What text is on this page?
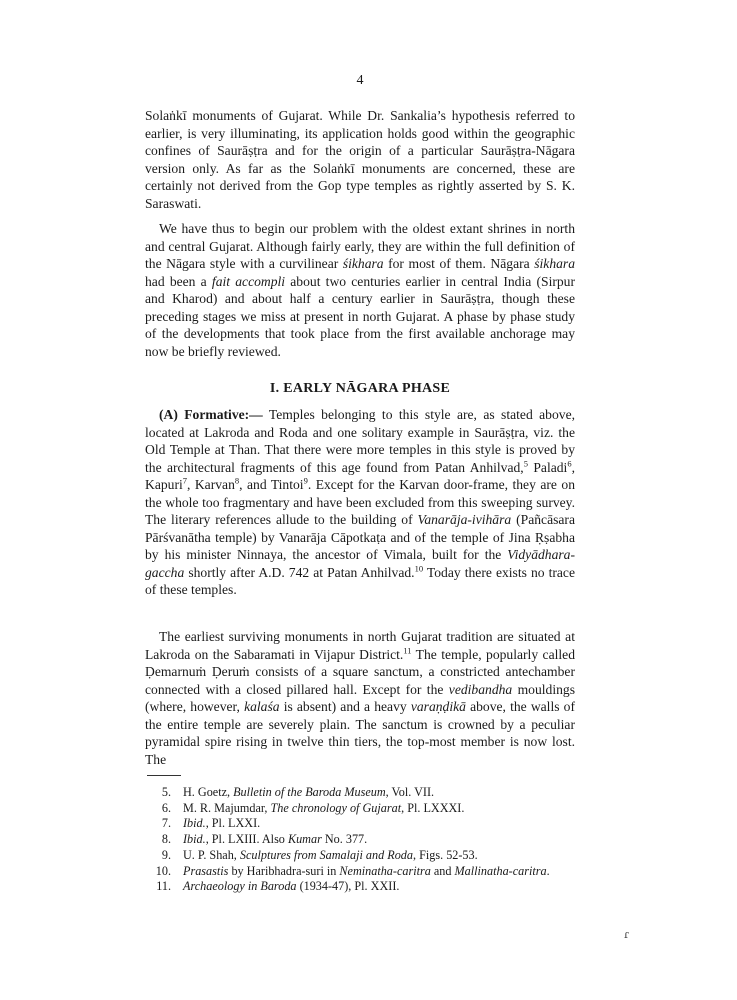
4

Solaṅkī monuments of Gujarat. While Dr. Sankalia’s hypothesis referred to earlier, is very illuminating, its application holds good within the geographic confines of Saurāṣṭra and for the origin of a particular Saurāṣṭra-Nāgara version only. As far as the Solaṅkī monuments are concerned, these are certainly not derived from the Gop type temples as rightly asserted by S. K. Saraswati.

We have thus to begin our problem with the oldest extant shrines in north and central Gujarat. Although fairly early, they are within the full definition of the Nāgara style with a curvilinear śikhara for most of them. Nāgara śikhara had been a fait accompli about two centuries earlier in central India (Sirpur and Kharod) and about half a century earlier in Saurāṣṭra, though these preceding stages we miss at present in north Gujarat. A phase by phase study of the developments that took place from the first available anchorage may now be briefly reviewed.

I. EARLY NĀGARA PHASE

(A) Formative:— Temples belonging to this style are, as stated above, located at Lakroda and Roda and one solitary example in Saurāṣṭra, viz. the Old Temple at Than. That there were more temples in this style is proved by the architectural fragments of this age found from Patan Anhilvad,$^5$ Paladi$^6$, Kapuri$^7$, Karvan$^8$, and Tintoi$^9$. Except for the Karvan door-frame, they are on the whole too fragmentary and have been excluded from this sweeping survey. The literary references allude to the building of Vanarāja-ivihāra (Pañcāsara Pārśvanātha temple) by Vanarāja Cāpotkaṭa and of the temple of Jina Ṛṣabha by his minister Ninnaya, the ancestor of Vimala, built for the Vidyādhara-gaccha shortly after A.D. 742 at Patan Anhilvad.$^{10}$ Today there exists no trace of these temples.

The earliest surviving monuments in north Gujarat tradition are situated at Lakroda on the Sabaramati in Vijapur District.$^{11}$ The temple, popularly called Ḍemarnuṁ Ḍeruṁ consists of a square sanctum, a constricted antechamber connected with a closed pillared hall. Except for the vedibandha mouldings (where, however, kalaśa is absent) and a heavy varaṇḍikā above, the walls of the entire temple are severely plain. The sanctum is crowned by a peculiar pyramidal spire rising in twelve thin tiers, the top-most member is now lost. The

5. H. Goetz, Bulletin of the Baroda Museum, Vol. VII.
6. M. R. Majumdar, The chronology of Gujarat, Pl. LXXXI.
7. Ibid., Pl. LXXI.
8. Ibid., Pl. LXIII. Also Kumar No. 377.
9. U. P. Shah, Sculptures from Samalaji and Roda, Figs. 52-53.
10. Prasastis by Haribhadra-suri in Neminatha-caritra and Mallinatha-caritra.
11. Archaeology in Baroda (1934-47), Pl. XXII.
ɾ
